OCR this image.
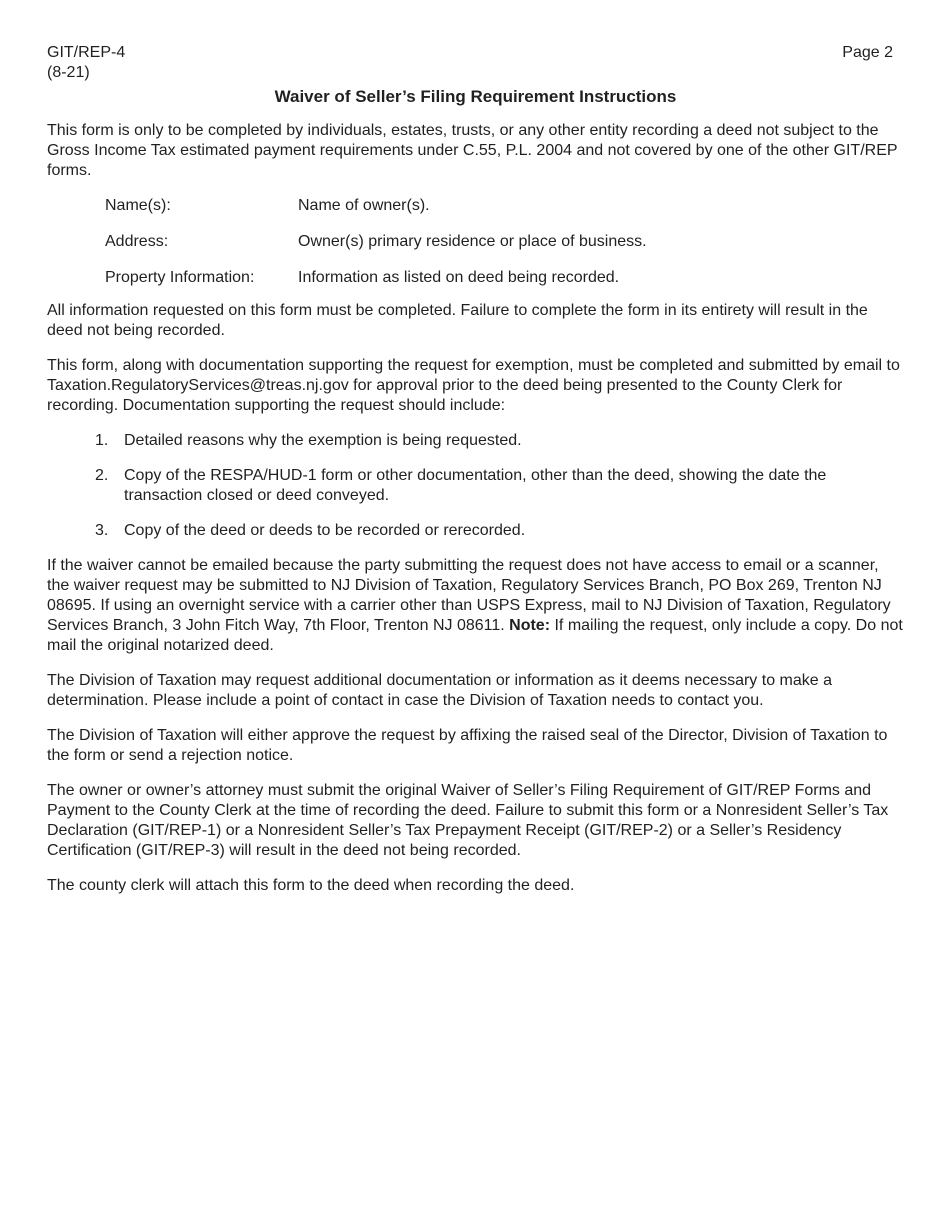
GIT/REP-4
(8-21)
Page 2
Waiver of Seller’s Filing Requirement Instructions

This form is only to be completed by individuals, estates, trusts, or any other entity recording a deed not subject to the Gross Income Tax estimated payment requirements under C.55, P.L. 2004 and not covered by one of the other GIT/REP forms.

Name(s):	Name of owner(s).
Address:	Owner(s) primary residence or place of business.
Property Information:	Information as listed on deed being recorded.

All information requested on this form must be completed. Failure to complete the form in its entirety will result in the deed not being recorded.

This form, along with documentation supporting the request for exemption, must be completed and submitted by email to Taxation.RegulatoryServices@treas.nj.gov for approval prior to the deed being presented to the County Clerk for recording. Documentation supporting the request should include:

1. Detailed reasons why the exemption is being requested.
2. Copy of the RESPA/HUD-1 form or other documentation, other than the deed, showing the date the transaction closed or deed conveyed.
3. Copy of the deed or deeds to be recorded or rerecorded.

If the waiver cannot be emailed because the party submitting the request does not have access to email or a scanner, the waiver request may be submitted to NJ Division of Taxation, Regulatory Services Branch, PO Box 269, Trenton NJ 08695. If using an overnight service with a carrier other than USPS Express, mail to NJ Division of Taxation, Regulatory Services Branch, 3 John Fitch Way, 7th Floor, Trenton NJ 08611. Note: If mailing the request, only include a copy. Do not mail the original notarized deed.

The Division of Taxation may request additional documentation or information as it deems necessary to make a determination. Please include a point of contact in case the Division of Taxation needs to contact you.

The Division of Taxation will either approve the request by affixing the raised seal of the Director, Division of Taxation to the form or send a rejection notice.

The owner or owner’s attorney must submit the original Waiver of Seller’s Filing Requirement of GIT/REP Forms and Payment to the County Clerk at the time of recording the deed. Failure to submit this form or a Nonresident Seller’s Tax Declaration (GIT/REP-1) or a Nonresident Seller’s Tax Prepayment Receipt (GIT/REP-2) or a Seller’s Residency Certification (GIT/REP-3) will result in the deed not being recorded.

The county clerk will attach this form to the deed when recording the deed.
